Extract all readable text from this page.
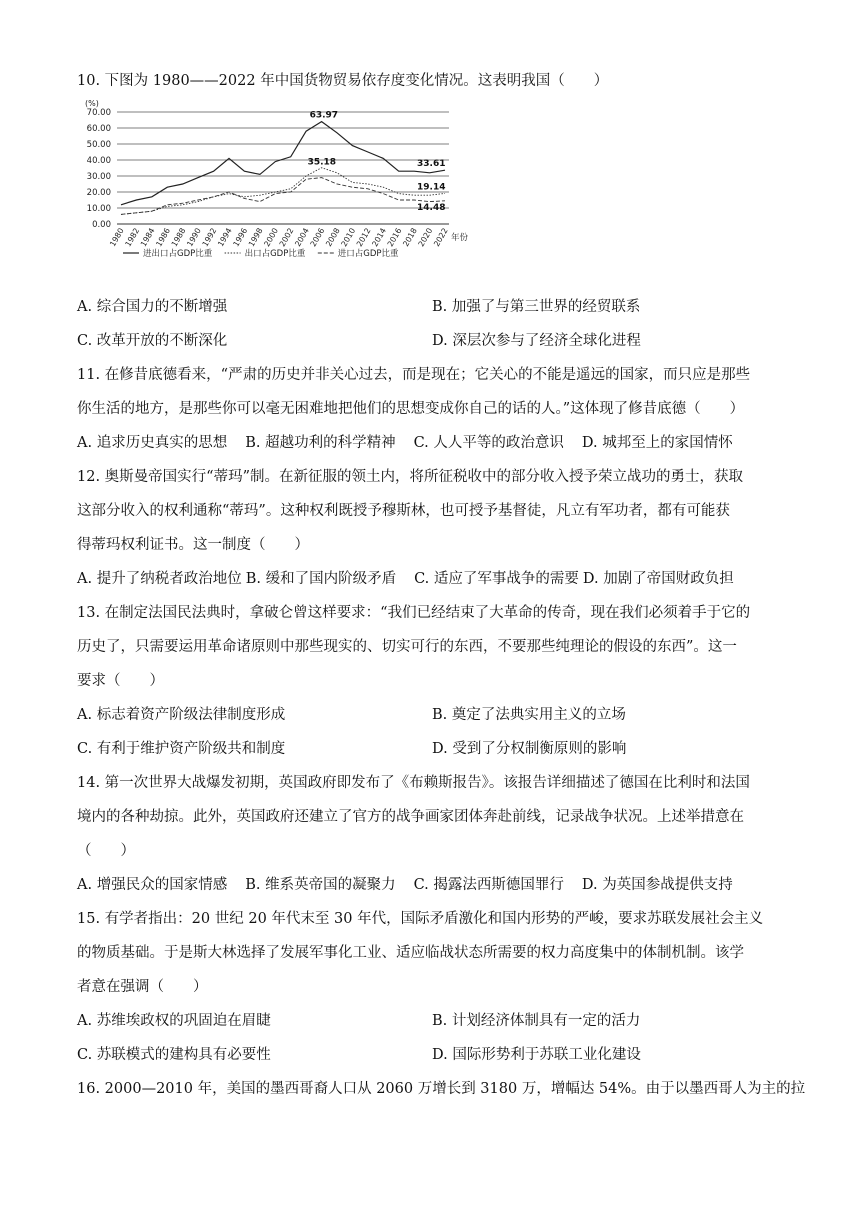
10. 下图为 1980——2022 年中国货物贸易依存度变化情况。这表明我国（　　）
(%)
0.00
10.00
20.00
30.00
40.00
50.00
60.00
70.00
1980
1982
1984
1986
1988
1990
1992
1994
1996
1998
2000
2002
2004
2006
2008
2010
2012
2014
2016
2018
2020
2022 年份
63.97
35.18	33.61
19.14
14.48
进出口占GDP比重	出口占GDP比重	进口占GDP比重
A. 综合国力的不断增强	B. 加强了与第三世界的经贸联系
C. 改革开放的不断深化	D. 深层次参与了经济全球化进程
11. 在修昔底德看来，“严肃的历史并非关心过去，而是现在；它关心的不能是遥远的国家，而只应是那些
你生活的地方，是那些你可以毫无困难地把他们的思想变成你自己的话的人。”这体现了修昔底德（　　）
A. 追求历史真实的思想 B. 超越功利的科学精神 C. 人人平等的政治意识 D. 城邦至上的家国情怀
12. 奥斯曼帝国实行“蒂玛”制。在新征服的领土内，将所征税收中的部分收入授予荣立战功的勇士，获取
这部分收入的权利通称“蒂玛”。这种权利既授予穆斯林，也可授予基督徒，凡立有军功者，都有可能获
得蒂玛权利证书。这一制度（　　）
A. 提升了纳税者政治地位 B. 缓和了国内阶级矛盾 C. 适应了军事战争的需要 D. 加剧了帝国财政负担
13. 在制定法国民法典时，拿破仑曾这样要求：“我们已经结束了大革命的传奇，现在我们必须着手于它的
历史了，只需要运用革命诸原则中那些现实的、切实可行的东西，不要那些纯理论的假设的东西”。这一
要求（　　）
A. 标志着资产阶级法律制度形成	B. 奠定了法典实用主义的立场
C. 有利于维护资产阶级共和制度	D. 受到了分权制衡原则的影响
14. 第一次世界大战爆发初期，英国政府即发布了《布赖斯报告》。该报告详细描述了德国在比利时和法国
境内的各种劫掠。此外，英国政府还建立了官方的战争画家团体奔赴前线，记录战争状况。上述举措意在
（　　）
A. 增强民众的国家情感 B. 维系英帝国的凝聚力 C. 揭露法西斯德国罪行 D. 为英国参战提供支持
15. 有学者指出：20 世纪 20 年代末至 30 年代，国际矛盾激化和国内形势的严峻，要求苏联发展社会主义
的物质基础。于是斯大林选择了发展军事化工业、适应临战状态所需要的权力高度集中的体制机制。该学
者意在强调（　　）
A. 苏维埃政权的巩固迫在眉睫	B. 计划经济体制具有一定的活力
C. 苏联模式的建构具有必要性	D. 国际形势利于苏联工业化建设
16. 2000—2010 年，美国的墨西哥裔人口从 2060 万增长到 3180 万，增幅达 54%。由于以墨西哥人为主的拉
